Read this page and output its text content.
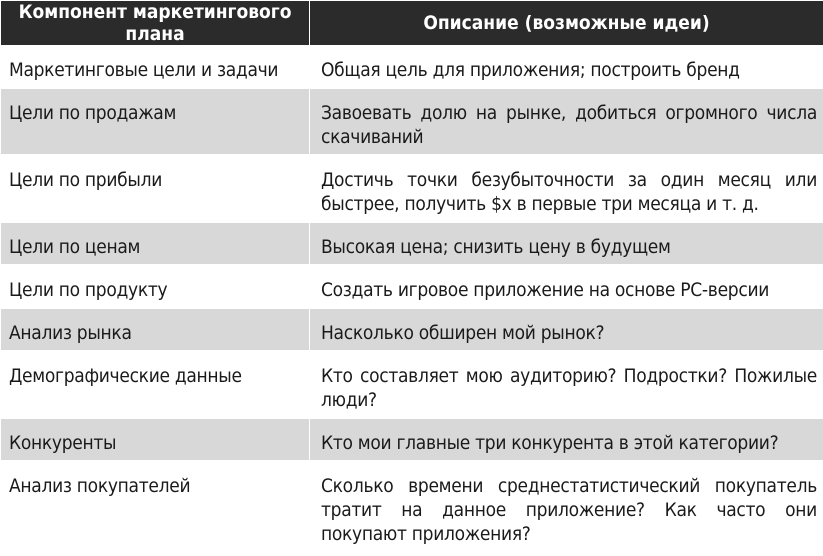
Компонент маркетингового плана	Описание (возможные идеи)
Маркетинговые цели и задачи	Общая цель для приложения; построить бренд
Цели по продажам	Завоевать долю на рынке, добиться огромного числа скачиваний
Цели по прибыли	Достичь точки безубыточности за один месяц или быстрее, получить $x в первые три месяца и т. д.
Цели по ценам	Высокая цена; снизить цену в будущем
Цели по продукту	Создать игровое приложение на основе PC-версии
Анализ рынка	Насколько обширен мой рынок?
Демографические данные	Кто составляет мою аудиторию? Подростки? Пожилые люди?
Конкуренты	Кто мои главные три конкурента в этой категории?
Анализ покупателей	Сколько времени среднестатистический покупатель тратит на данное приложение? Как часто они покупают приложения?
